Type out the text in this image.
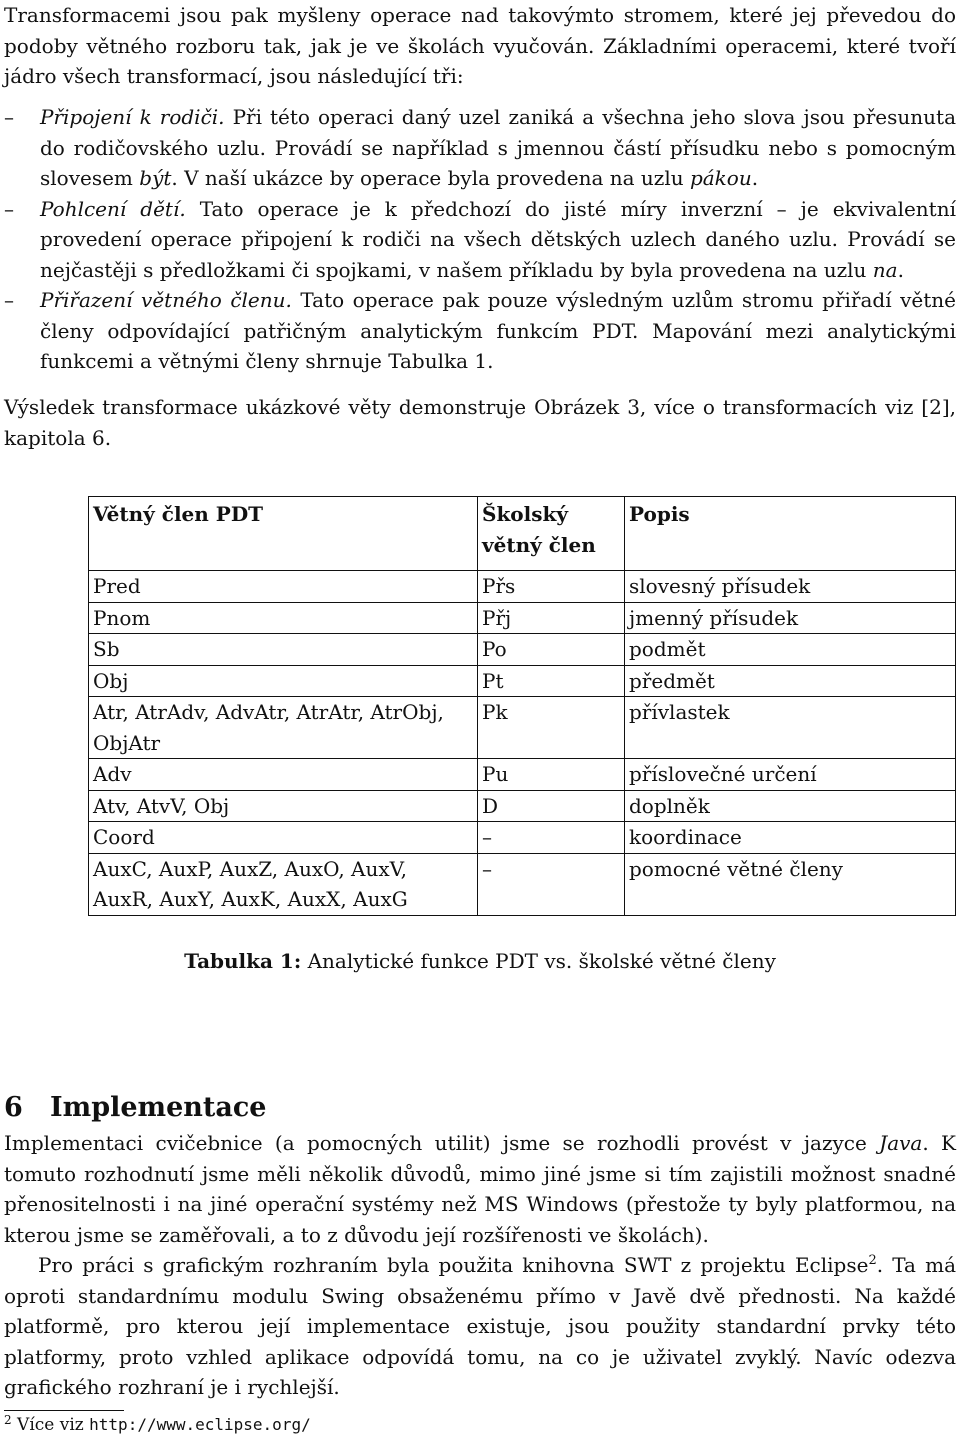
Transformacemi jsou pak myšleny operace nad takovýmto stromem, které jej převedou do podoby větného rozboru tak, jak je ve školách vyučován. Základními operacemi, které tvoří jádro všech transformací, jsou následující tři:

– Připojení k rodiči. Při této operaci daný uzel zaniká a všechna jeho slova jsou přesunuta do rodičovského uzlu. Provádí se například s jmennou částí přísudku nebo s pomocným slovesem být. V naší ukázce by operace byla provedena na uzlu pákou.

– Pohlcení dětí. Tato operace je k předchozí do jisté míry inverzní – je ekvivalentní provedení operace připojení k rodiči na všech dětských uzlech daného uzlu. Provádí se nejčastěji s předložkami či spojkami, v našem příkladu by byla provedena na uzlu na.

– Přiřazení větného členu. Tato operace pak pouze výsledným uzlům stromu přiřadí větné členy odpovídající patřičným analytickým funkcím PDT. Mapování mezi analytickými funkcemi a větnými členy shrnuje Tabulka 1.

Výsledek transformace ukázkové věty demonstruje Obrázek 3, více o transformacích viz [2], kapitola 6.

Větný člen PDT	Školský větný člen	Popis
Pred	Přs	slovesný přísudek
Pnom	Přj	jmenný přísudek
Sb	Po	podmět
Obj	Pt	předmět
Atr, AtrAdv, AdvAtr, AtrAtr, AtrObj, ObjAtr	Pk	přívlastek
Adv	Pu	příslovečné určení
Atv, AtvV, Obj	D	doplněk
Coord	–	koordinace
AuxC, AuxP, AuxZ, AuxO, AuxV, AuxR, AuxY, AuxK, AuxX, AuxG	–	pomocné větné členy

Tabulka 1: Analytické funkce PDT vs. školské větné členy

6 Implementace

Implementaci cvičebnice (a pomocných utilit) jsme se rozhodli provést v jazyce Java. K tomuto rozhodnutí jsme měli několik důvodů, mimo jiné jsme si tím zajistili možnost snadné přenositelnosti i na jiné operační systémy než MS Windows (přestože ty byly platformou, na kterou jsme se zaměřovali, a to z důvodu její rozšířenosti ve školách).

Pro práci s grafickým rozhraním byla použita knihovna SWT z projektu Eclipse$^2$. Ta má oproti standardnímu modulu Swing obsaženému přímo v Javě dvě přednosti. Na každé platformě, pro kterou její implementace existuje, jsou použity standardní prvky této platformy, proto vzhled aplikace odpovídá tomu, na co je uživatel zvyklý. Navíc odezva grafického rozhraní je i rychlejší.

$^2$ Více viz http://www.eclipse.org/
